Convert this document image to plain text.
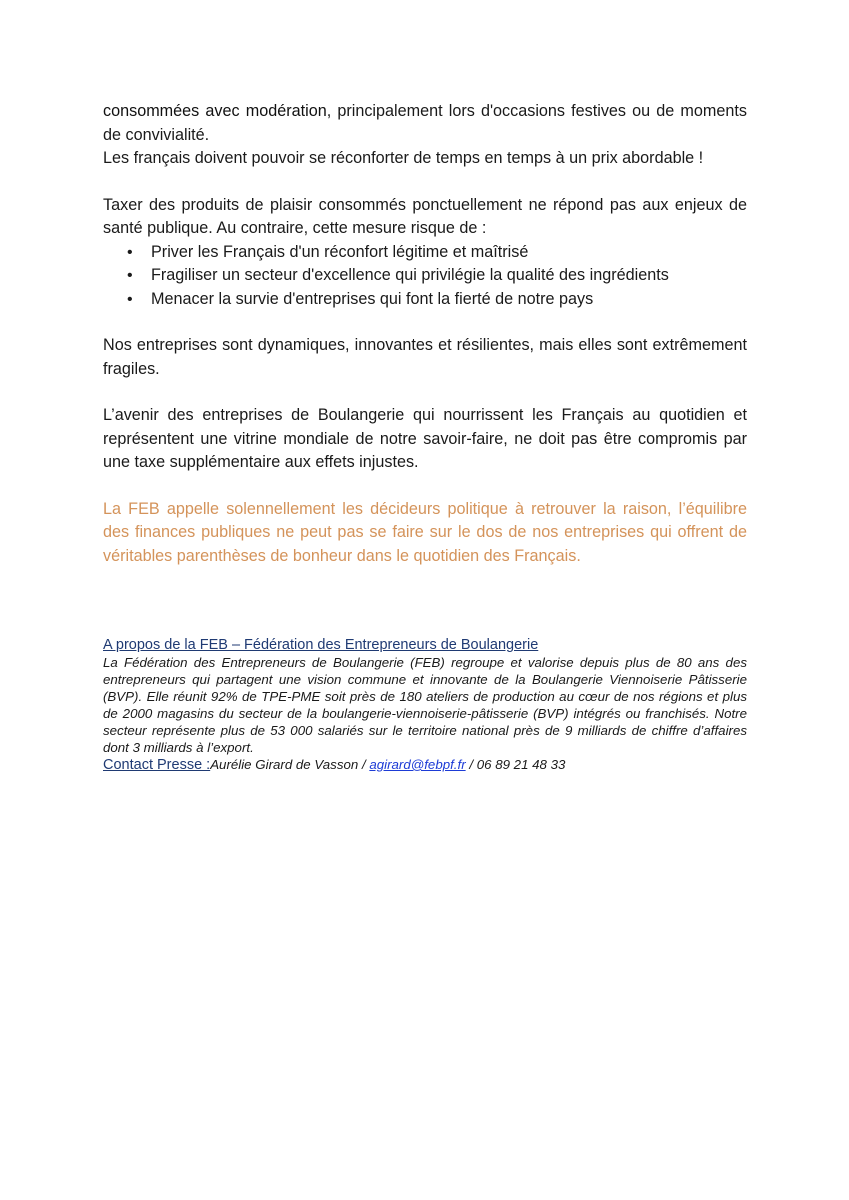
consommées avec modération, principalement lors d'occasions festives ou de moments de convivialité.

Les français doivent pouvoir se réconforter de temps en temps à un prix abordable !

Taxer des produits de plaisir consommés ponctuellement ne répond pas aux enjeux de santé publique. Au contraire, cette mesure risque de :

• Priver les Français d'un réconfort légitime et maîtrisé
• Fragiliser un secteur d'excellence qui privilégie la qualité des ingrédients
• Menacer la survie d'entreprises qui font la fierté de notre pays

Nos entreprises sont dynamiques, innovantes et résilientes, mais elles sont extrêmement fragiles.

L’avenir des entreprises de Boulangerie qui nourrissent les Français au quotidien et représentent une vitrine mondiale de notre savoir-faire, ne doit pas être compromis par une taxe supplémentaire aux effets injustes.

La FEB appelle solennellement les décideurs politique à retrouver la raison, l’équilibre des finances publiques ne peut pas se faire sur le dos de nos entreprises qui offrent de véritables parenthèses de bonheur dans le quotidien des Français.

A propos de la FEB – Fédération des Entrepreneurs de Boulangerie

La Fédération des Entrepreneurs de Boulangerie (FEB) regroupe et valorise depuis plus de 80 ans des entrepreneurs qui partagent une vision commune et innovante de la Boulangerie Viennoiserie Pâtisserie (BVP). Elle réunit 92% de TPE-PME soit près de 180 ateliers de production au cœur de nos régions et plus de 2000 magasins du secteur de la boulangerie-viennoiserie-pâtisserie (BVP) intégrés ou franchisés. Notre secteur représente plus de 53 000 salariés sur le territoire national près de 9 milliards de chiffre d’affaires dont 3 milliards à l’export.

Contact Presse :Aurélie Girard de Vasson / agirard@febpf.fr / 06 89 21 48 33
